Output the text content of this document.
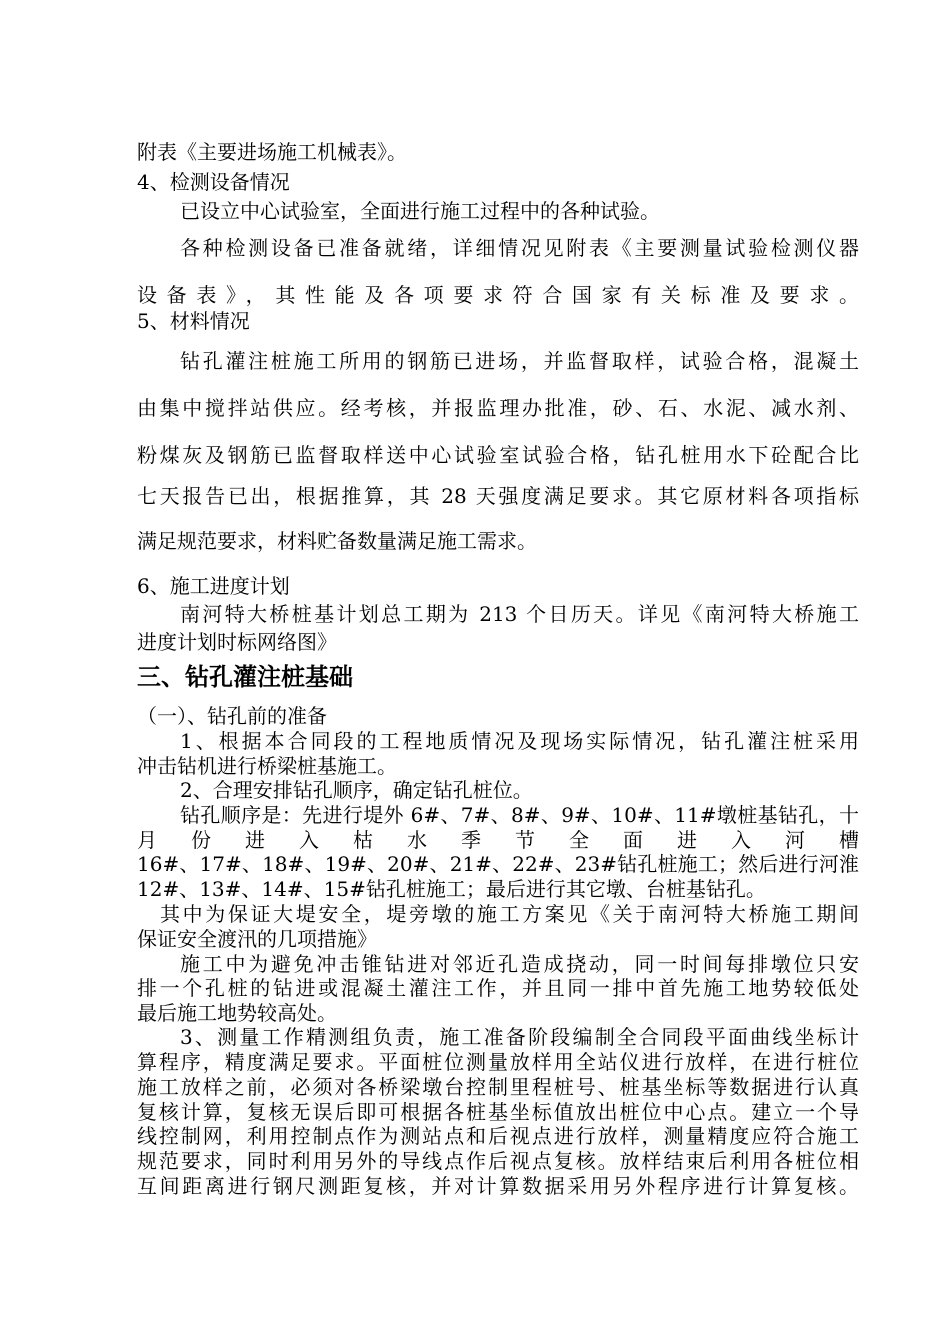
附表《主要进场施工机械表》。
4、检测设备情况
已设立中心试验室，全面进行施工过程中的各种试验。
各种检测设备已准备就绪，详细情况见附表《主要测量试验检测仪器
设备表》，其性能及各项要求符合国家有关标准及要求。
5、材料情况
钻孔灌注桩施工所用的钢筋已进场，并监督取样，试验合格，混凝土
由集中搅拌站供应。经考核，并报监理办批准，砂、石、水泥、减水剂、
粉煤灰及钢筋已监督取样送中心试验室试验合格，钻孔桩用水下砼配合比
七天报告已出，根据推算，其 28 天强度满足要求。其它原材料各项指标
满足规范要求，材料贮备数量满足施工需求。
6、施工进度计划
南河特大桥桩基计划总工期为 213 个日历天。详见《南河特大桥施工
进度计划时标网络图》
三、钻孔灌注桩基础
（一）、钻孔前的准备
1、根据本合同段的工程地质情况及现场实际情况，钻孔灌注桩采用
冲击钻机进行桥梁桩基施工。
2、合理安排钻孔顺序，确定钻孔桩位。
钻孔顺序是：先进行堤外 6#、7#、8#、9#、10#、11#墩桩基钻孔，十
月 份 进 入 枯 水 季 节 全 面 进 入 河 槽
16#、17#、18#、19#、20#、21#、22#、23#钻孔桩施工；然后进行河淮
12#、13#、14#、15#钻孔桩施工；最后进行其它墩、台桩基钻孔。
其中为保证大堤安全，堤旁墩的施工方案见《关于南河特大桥施工期间
保证安全渡汛的几项措施》
施工中为避免冲击锥钻进对邻近孔造成挠动，同一时间每排墩位只安
排一个孔桩的钻进或混凝土灌注工作，并且同一排中首先施工地势较低处
最后施工地势较高处。
3、测量工作精测组负责，施工准备阶段编制全合同段平面曲线坐标计
算程序，精度满足要求。平面桩位测量放样用全站仪进行放样，在进行桩位
施工放样之前，必须对各桥梁墩台控制里程桩号、桩基坐标等数据进行认真
复核计算，复核无误后即可根据各桩基坐标值放出桩位中心点。建立一个导
线控制网，利用控制点作为测站点和后视点进行放样，测量精度应符合施工
规范要求，同时利用另外的导线点作后视点复核。放样结束后利用各桩位相
互间距离进行钢尺测距复核，并对计算数据采用另外程序进行计算复核。
